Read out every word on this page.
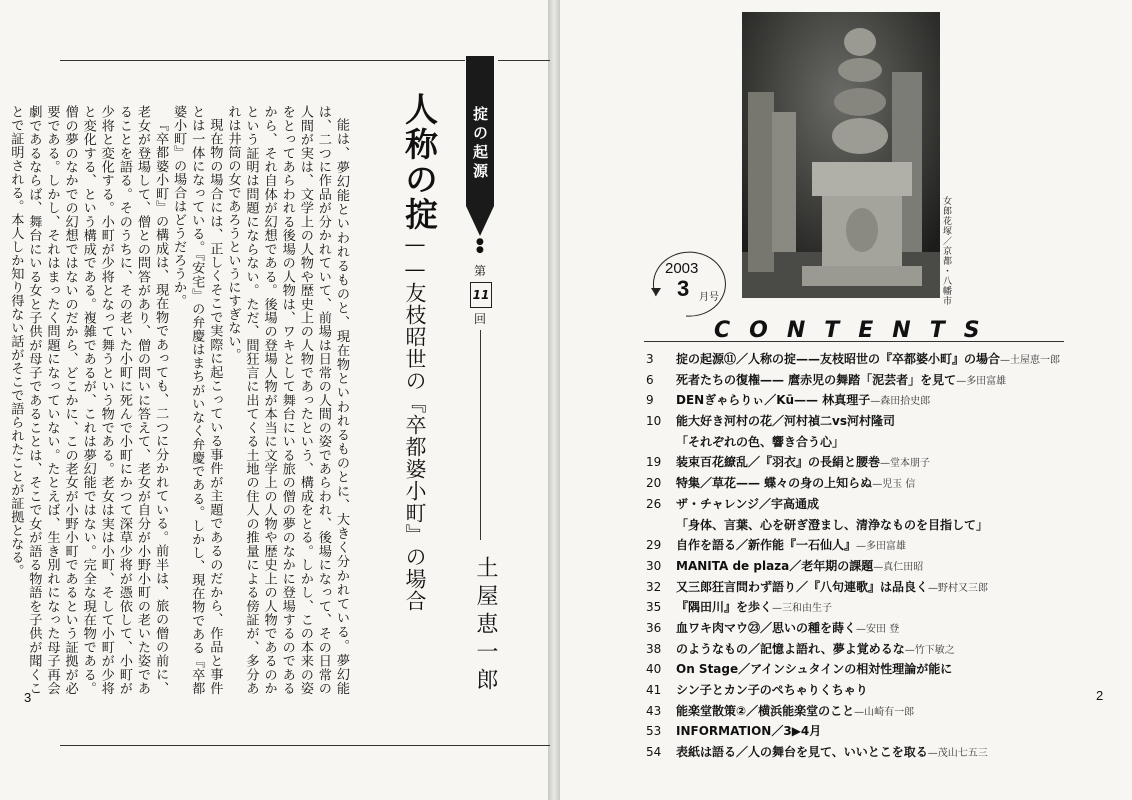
能は、夢幻能といわれるものと、現在物といわれるものとに、大きく分かれている。夢幻能は、二つに作品が分かれていて、前場は日常の人間の姿であらわれ、後場になって、その日常の人間が実は、文学上の人物や歴史上の人物であったという、構成をとる。しかし、この本来の姿をとってあらわれる後場の人物は、ワキとして舞台にいる旅の僧の夢のなかに登場するのであるから、それ自体が幻想である。後場の登場人物が本当に文学上の人物や歴史上の人物であるのかという証明は問題にならない。ただ、間狂言に出てくる土地の住人の推量による傍証が、多分あれは井筒の女であろうというにすぎない。

現在物の場合には、正しくそこで実際に起こっている事件が主題であるのだから、作品と事件とは一体になっている。『安宅』の弁慶はまちがいなく弁慶である。しかし、現在物である『卒都婆小町』の場合はどうだろうか。

『卒都婆小町』の構成は、現在物であっても、二つに分かれている。前半は、旅の僧の前に、老女が登場して、僧との問答があり、僧の問いに答えて、老女が自分が小野小町の老いた姿であることを語る。そのうちに、その老いた小町に死んで小町にかつて深草少将が憑依して、小町が少将と変化する。小町が少将となって舞うという物である。老女は実は小町、そして小町が少将と変化する、という構成である。複雑であるが、これは夢幻能ではない。完全な現在物である。僧の夢のなかでの幻想ではないのだから、どこかに、この老女が小野小町であるという証拠が必要である。しかし、それはまったく問題になっていない。たとえば、生き別れになった母子再会劇であるならば、舞台にいる女と子供が母子であることは、そこで女が語る物語を子供が聞くことで証明される。本人しか知り得ない話がそこで語られたことが証拠となる。	人称の掟
——友枝昭世の『卒都婆小町』の場合
掟の起源
●
●
第
11
回
土屋恵一郎
3
女郎花塚／京都・八幡市
2003
3 月号
CONTENTS
3 掟の起源⑪／人称の掟——友枝昭世の『卒都婆小町』の場合—土屋恵一郎
6 死者たちの復権—— 麿赤児の舞踏「泥芸者」を見て—多田富雄
9 DENぎゃらりぃ／Kū—— 林真理子—森田拾史郎
10 能大好き河村の花／河村禎二vs河村隆司
「それぞれの色、響き合う心」
19 装束百花繚乱／『羽衣』の長絹と腰巻—堂本朋子
20 特集／草花—— 蝶々の身の上知らぬ—児玉 信
26 ザ・チャレンジ／宇高通成
「身体、言葉、心を研ぎ澄まし、清浄なものを目指して」
29 自作を語る／新作能『一石仙人』—多田富雄
30 MANITA de plaza／老年期の課題—真仁田昭
32 又三郎狂言問わず語り／『八句連歌』は品良く—野村又三郎
35 『隅田川』を歩く—三和由生子
36 血ワキ肉マウ㉓／思いの種を蒔く—安田 登
38 のようなもの／記憶よ語れ、夢よ覚めるな—竹下敏之
40 On Stage／アインシュタインの相対性理論が能に
41 シン子とカン子のぺちゃりくちゃり
43 能楽堂散策②／横浜能楽堂のこと—山崎有一郎
53 INFORMATION／3▶4月
54 表紙は語る／人の舞台を見て、いいとこを取る—茂山七五三
2
